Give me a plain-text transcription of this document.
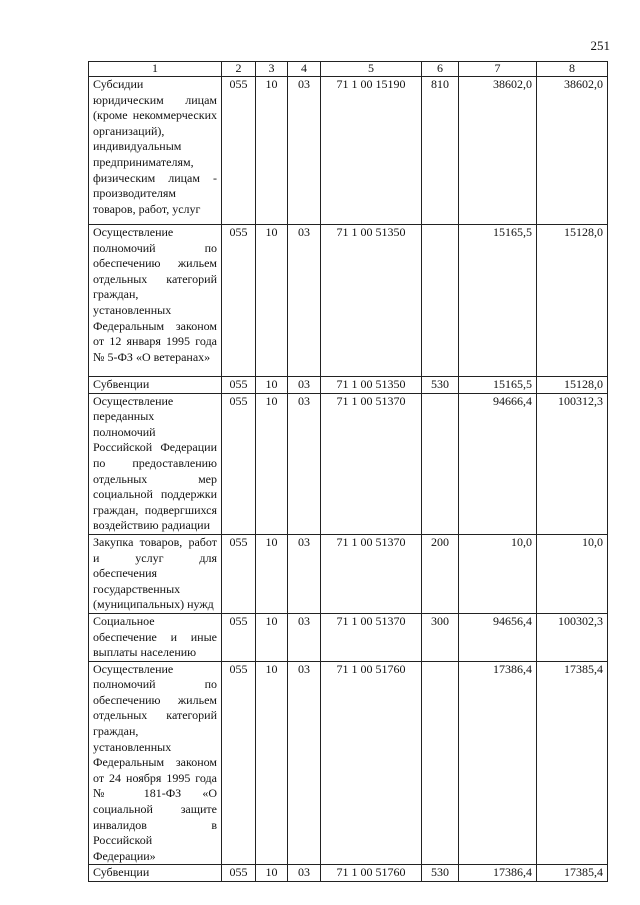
251
1	2	3	4	5	6	7	8
Субсидии юридическим лицам (кроме некоммерческих организаций), индивидуальным предпринимателям, физическим лицам - производителям товаров, работ, услуг	055	10	03	71 1 00 15190	810	38602,0	38602,0
Осуществление полномочий по обеспечению жильем отдельных категорий граждан, установленных Федеральным законом от 12 января 1995 года № 5-ФЗ «О ветеранах»	055	10	03	71 1 00 51350		15165,5	15128,0
Субвенции	055	10	03	71 1 00 51350	530	15165,5	15128,0
Осуществление переданных полномочий Российской Федерации по предоставлению отдельных мер социальной поддержки граждан, подвергшихся воздействию радиации	055	10	03	71 1 00 51370		94666,4	100312,3
Закупка товаров, работ и услуг для обеспечения государственных (муниципальных) нужд	055	10	03	71 1 00 51370	200	10,0	10,0
Социальное обеспечение и иные выплаты населению	055	10	03	71 1 00 51370	300	94656,4	100302,3
Осуществление полномочий по обеспечению жильем отдельных категорий граждан, установленных Федеральным законом от 24 ноября 1995 года № 181-ФЗ «О социальной защите инвалидов в Российской Федерации»	055	10	03	71 1 00 51760		17386,4	17385,4
Субвенции	055	10	03	71 1 00 51760	530	17386,4	17385,4
